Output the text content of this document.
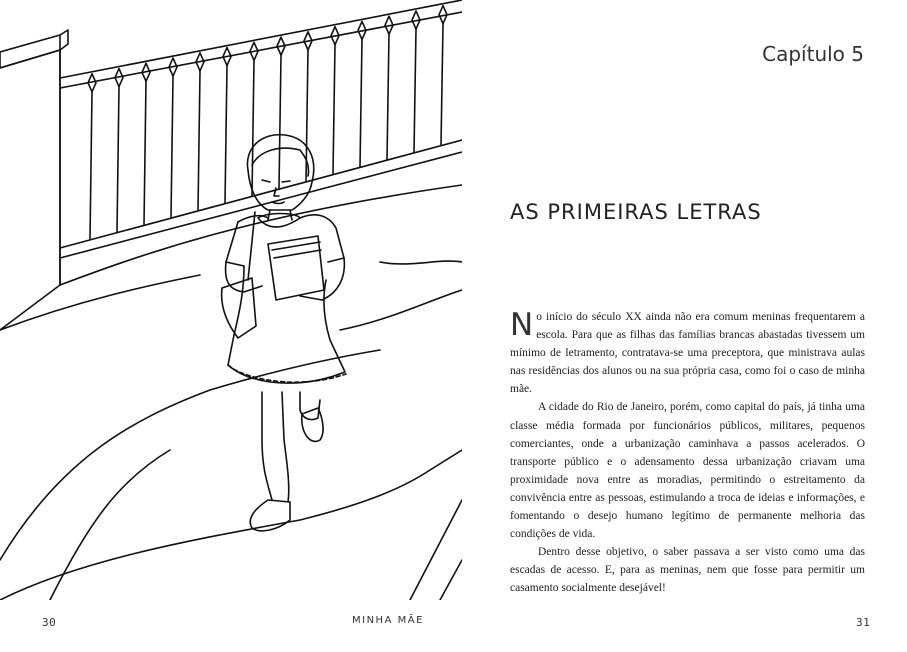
30	MINHA MÃE
Capítulo 5
AS PRIMEIRAS LETRAS

No início do século XX ainda não era comum meninas frequentarem a escola. Para que as filhas das famílias brancas abastadas tivessem um mínimo de letramento, contratava-se uma preceptora, que ministrava aulas nas residências dos alunos ou na sua própria casa, como foi o caso de minha mãe.

A cidade do Rio de Janeiro, porém, como capital do país, já tinha uma classe média formada por funcionários públicos, militares, pequenos comerciantes, onde a urbanização caminhava a passos acelerados. O transporte público e o adensamento dessa urbanização criavam uma proximidade nova entre as moradias, permitindo o estreitamento da convivência entre as pessoas, estimulando a troca de ideias e informações, e fomentando o desejo humano legítimo de permanente melhoria das condições de vida.

Dentro desse objetivo, o saber passava a ser visto como uma das escadas de acesso. E, para as meninas, nem que fosse para permitir um casamento socialmente desejável!

31
